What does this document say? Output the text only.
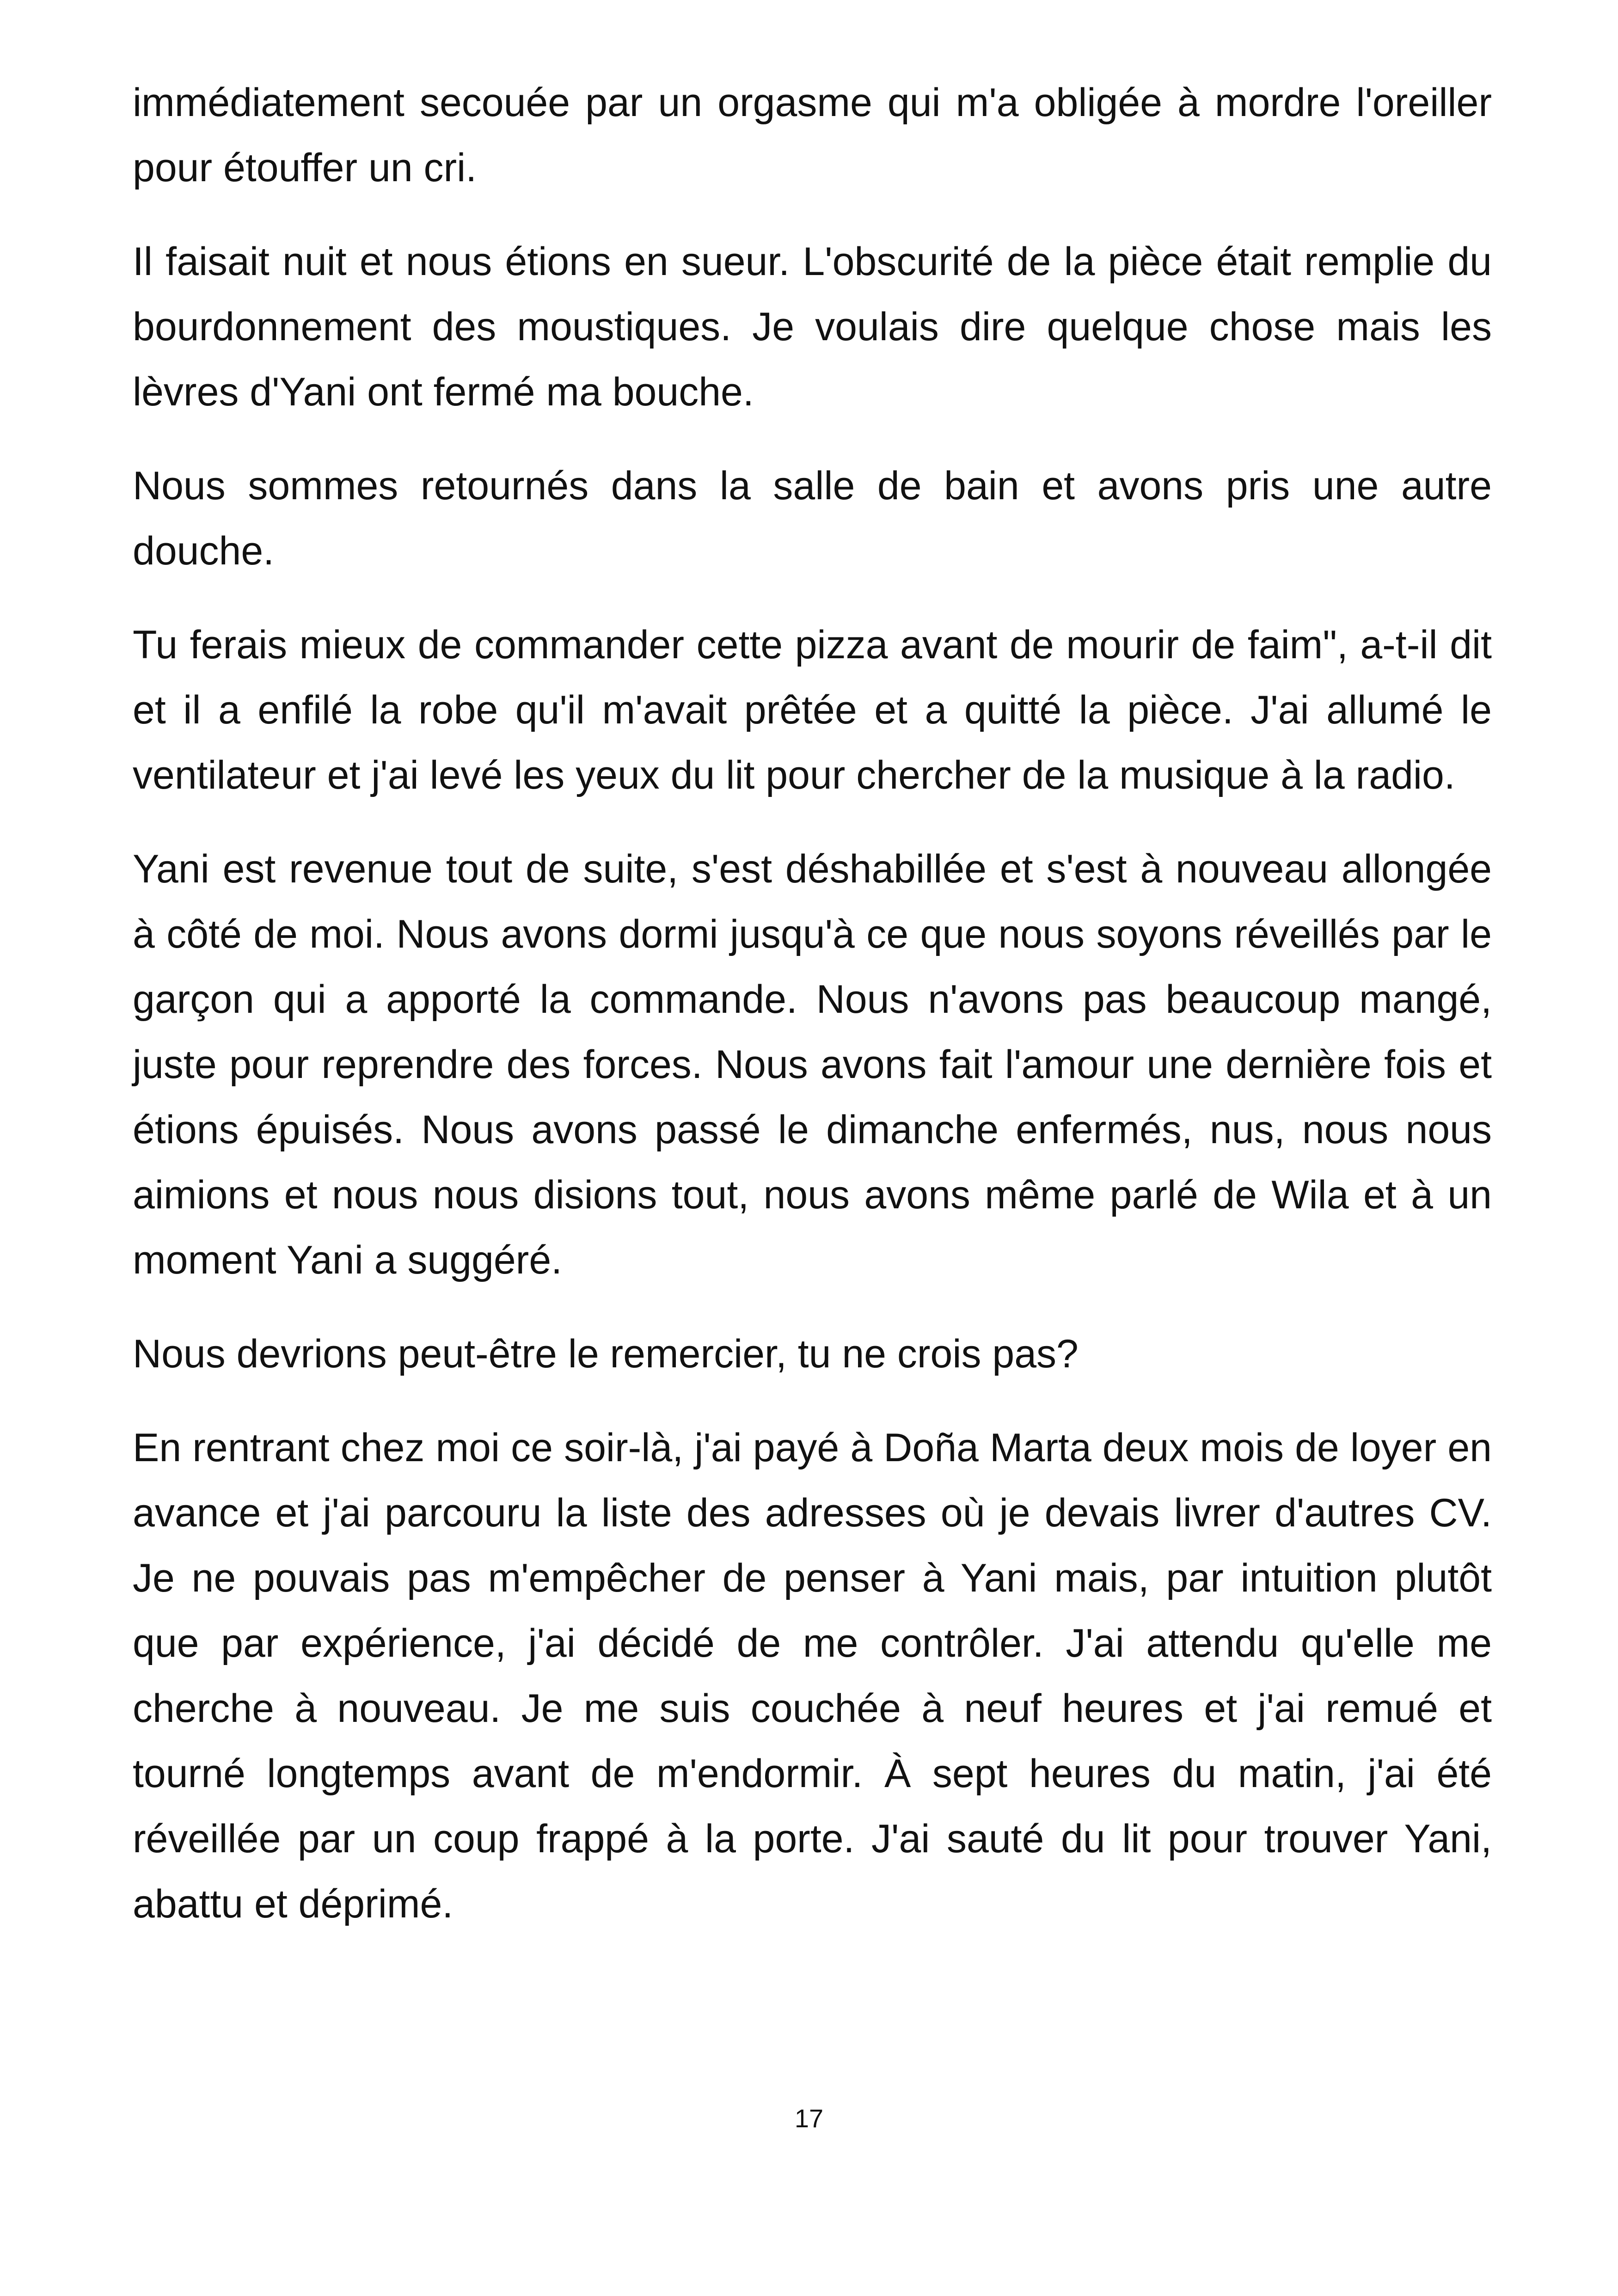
immédiatement secouée par un orgasme qui m'a obligée à mordre l'oreiller pour étouffer un cri.

Il faisait nuit et nous étions en sueur. L'obscurité de la pièce était remplie du bourdonnement des moustiques. Je voulais dire quelque chose mais les lèvres d'Yani ont fermé ma bouche.

Nous sommes retournés dans la salle de bain et avons pris une autre douche.

Tu ferais mieux de commander cette pizza avant de mourir de faim", a-t-il dit et il a enfilé la robe qu'il m'avait prêtée et a quitté la pièce. J'ai allumé le ventilateur et j'ai levé les yeux du lit pour chercher de la musique à la radio.

Yani est revenue tout de suite, s'est déshabillée et s'est à nouveau allongée à côté de moi. Nous avons dormi jusqu'à ce que nous soyons réveillés par le garçon qui a apporté la commande. Nous n'avons pas beaucoup mangé, juste pour reprendre des forces. Nous avons fait l'amour une dernière fois et étions épuisés. Nous avons passé le dimanche enfermés, nus, nous nous aimions et nous nous disions tout, nous avons même parlé de Wila et à un moment Yani a suggéré.

Nous devrions peut-être le remercier, tu ne crois pas?

En rentrant chez moi ce soir-là, j'ai payé à Doña Marta deux mois de loyer en avance et j'ai parcouru la liste des adresses où je devais livrer d'autres CV. Je ne pouvais pas m'empêcher de penser à Yani mais, par intuition plutôt que par expérience, j'ai décidé de me contrôler. J'ai attendu qu'elle me cherche à nouveau. Je me suis couchée à neuf heures et j'ai remué et tourné longtemps avant de m'endormir. À sept heures du matin, j'ai été réveillée par un coup frappé à la porte. J'ai sauté du lit pour trouver Yani, abattu et déprimé.

17
